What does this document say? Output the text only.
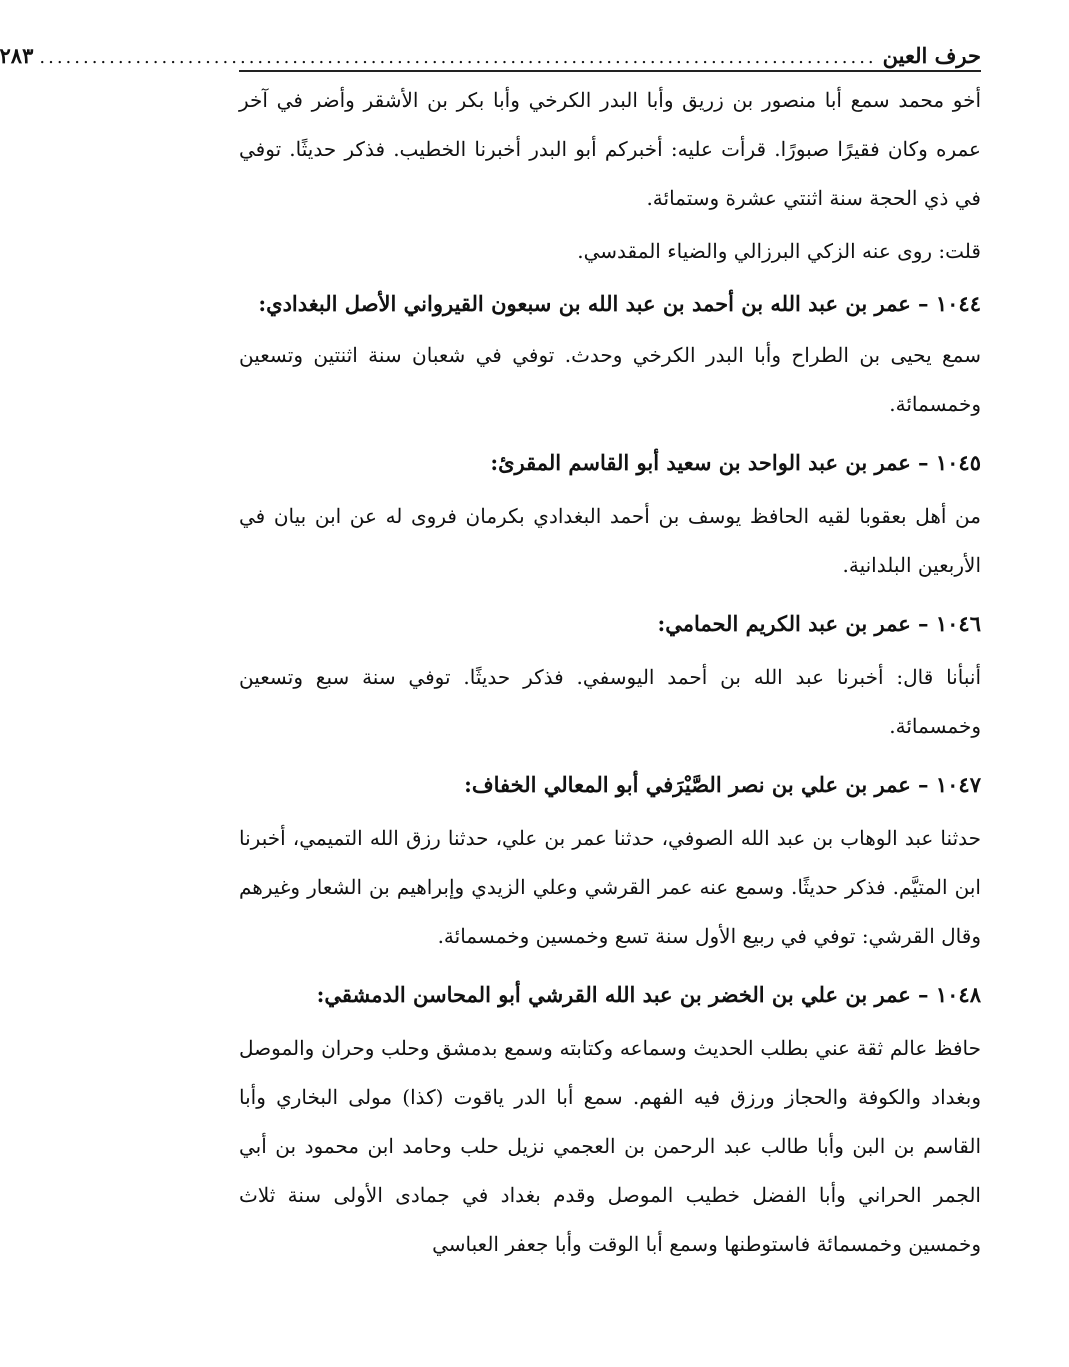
حرف العين
................................................................................................
٢٨٣

أخو محمد سمع أبا منصور بن زريق وأبا البدر الكرخي وأبا بكر بن الأشقر وأضر في آخر عمره وكان فقيرًا صبورًا. قرأت عليه: أخبركم أبو البدر أخبرنا الخطيب. فذكر حديثًا. توفي في ذي الحجة سنة اثنتي عشرة وستمائة.

قلت: روى عنه الزكي البرزالي والضياء المقدسي.

١٠٤٤ – عمر بن عبد الله بن أحمد بن عبد الله بن سبعون القيرواني الأصل البغدادي:

سمع يحيى بن الطراح وأبا البدر الكرخي وحدث. توفي في شعبان سنة اثنتين وتسعين وخمسمائة.

١٠٤٥ – عمر بن عبد الواحد بن سعيد أبو القاسم المقرئ:

من أهل بعقوبا لقيه الحافظ يوسف بن أحمد البغدادي بكرمان فروى له عن ابن بيان في الأربعين البلدانية.

١٠٤٦ – عمر بن عبد الكريم الحمامي:

أنبأنا قال: أخبرنا عبد الله بن أحمد اليوسفي. فذكر حديثًا. توفي سنة سبع وتسعين وخمسمائة.

١٠٤٧ – عمر بن علي بن نصر الصَّيْرَفي أبو المعالي الخفاف:

حدثنا عبد الوهاب بن عبد الله الصوفي، حدثنا عمر بن علي، حدثنا رزق الله التميمي، أخبرنا ابن المتيَّم. فذكر حديثًا. وسمع عنه عمر القرشي وعلي الزيدي وإبراهيم بن الشعار وغيرهم وقال القرشي: توفي في ربيع الأول سنة تسع وخمسين وخمسمائة.

١٠٤٨ – عمر بن علي بن الخضر بن عبد الله القرشي أبو المحاسن الدمشقي:

حافظ عالم ثقة عني بطلب الحديث وسماعه وكتابته وسمع بدمشق وحلب وحران والموصل وبغداد والكوفة والحجاز ورزق فيه الفهم. سمع أبا الدر ياقوت (كذا) مولى البخاري وأبا القاسم بن البن وأبا طالب عبد الرحمن بن العجمي نزيل حلب وحامد ابن محمود بن أبي الجمر الحراني وأبا الفضل خطيب الموصل وقدم بغداد في جمادى الأولى سنة ثلاث وخمسين وخمسمائة فاستوطنها وسمع أبا الوقت وأبا جعفر العباسي
